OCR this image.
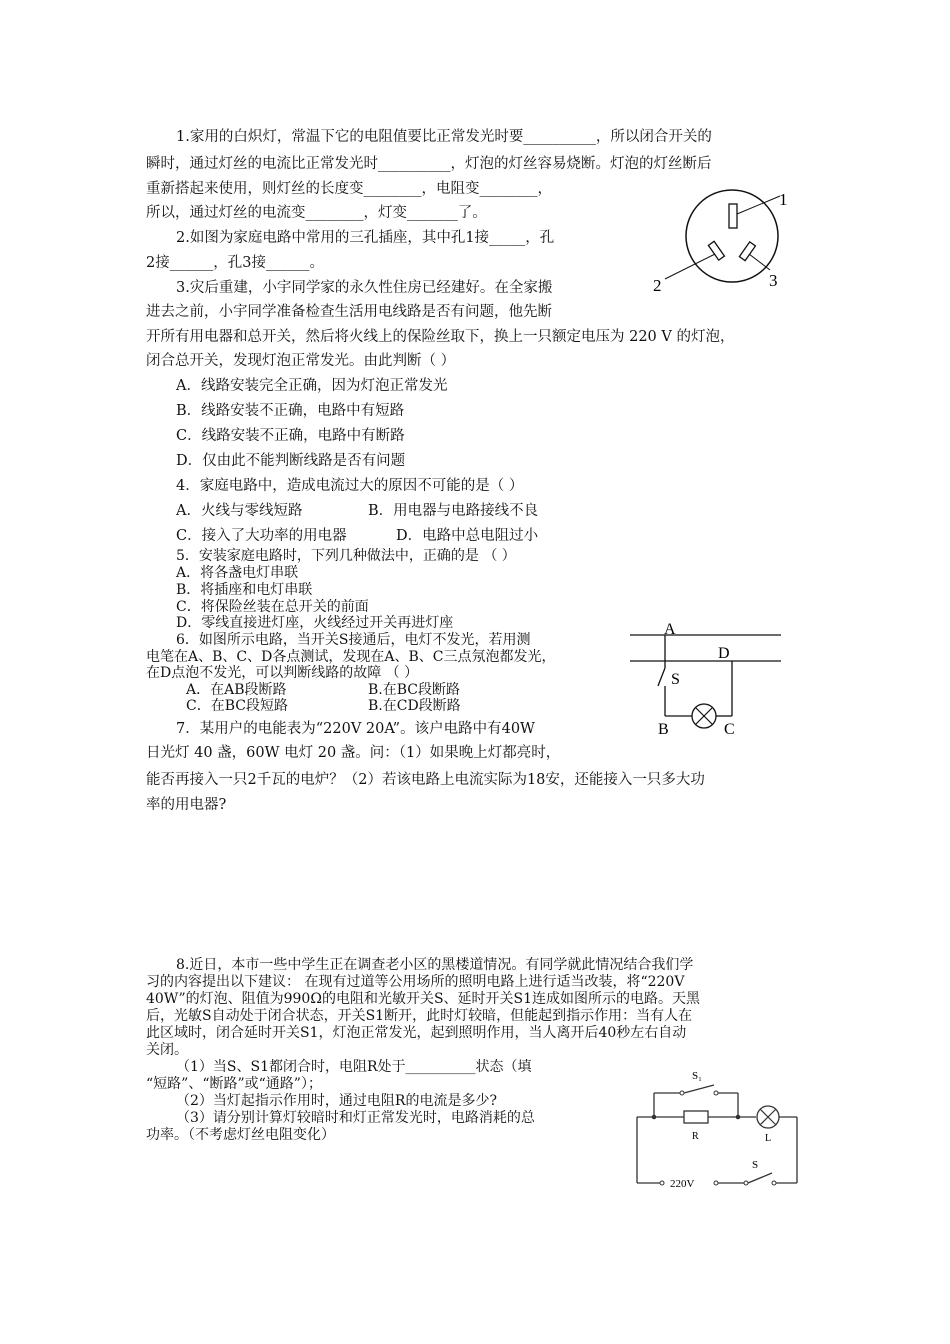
1.家用的白炽灯，常温下它的电阻值要比正常发光时要__________，所以闭合开关的
瞬时，通过灯丝的电流比正常发光时__________，灯泡的灯丝容易烧断。灯泡的灯丝断后
重新搭起来使用，则灯丝的长度变________，电阻变________，
所以，通过灯丝的电流变________，灯变_______了。
2.如图为家庭电路中常用的三孔插座，其中孔1接_____，孔
2接______，孔3接______。
1
2	3
3.灾后重建，小宇同学家的永久性住房已经建好。在全家搬
进去之前，小宇同学准备检查生活用电线路是否有问题，他先断
开所有用电器和总开关，然后将火线上的保险丝取下，换上一只额定电压为 220 V 的灯泡，
闭合总开关，发现灯泡正常发光。由此判断（ ）
A．线路安装完全正确，因为灯泡正常发光
B．线路安装不正确，电路中有短路
C．线路安装不正确，电路中有断路
D．仅由此不能判断线路是否有问题
4．家庭电路中，造成电流过大的原因不可能的是（ ）
A．火线与零线短路	B．用电器与电路接线不良
C．接入了大功率的用电器	D．电路中总电阻过小
5．安装家庭电路时，下列几种做法中，正确的是 （ ）
A．将各盏电灯串联
B．将插座和电灯串联
C．将保险丝装在总开关的前面
D．零线直接进灯座，火线经过开关再进灯座
6．如图所示电路，当开关S接通后，电灯不发光，若用测
电笔在A、B、C、D各点测试，发现在A、B、C三点氖泡都发光，
在D点泡不发光，可以判断线路的故障 （ ）
A．在AB段断路	B.在BC段断路
C．在BC段短路	B.在CD段断路
A
D
S
B	C
7．某用户的电能表为“220V 20A”。该户电路中有40W
日光灯 40 盏，60W 电灯 20 盏。问：（1）如果晚上灯都亮时，
能否再接入一只2千瓦的电炉？（2）若该电路上电流实际为18安，还能接入一只多大功
率的用电器?
8.近日，本市一些中学生正在调查老小区的黑楼道情况。有同学就此情况结合我们学
习的内容提出以下建议： 在现有过道等公用场所的照明电路上进行适当改装，将“220V
40W”的灯泡、阻值为990Ω的电阻和光敏开关S、延时开关S1连成如图所示的电路。天黑
后，光敏S自动处于闭合状态，开关S1断开，此时灯较暗，但能起到指示作用：当有人在
此区域时，闭合延时开关S1，灯泡正常发光，起到照明作用，当人离开后40秒左右自动
关闭。
（1）当S、S1都闭合时，电阻R处于__________状态（填
“短路”、“断路”或“通路”）；
（2）当灯起指示作用时，通过电阻R的电流是多少?
（3）请分别计算灯较暗时和灯正常发光时，电路消耗的总
功率。（不考虑灯丝电阻变化）
S₁
R	L
220V
S
